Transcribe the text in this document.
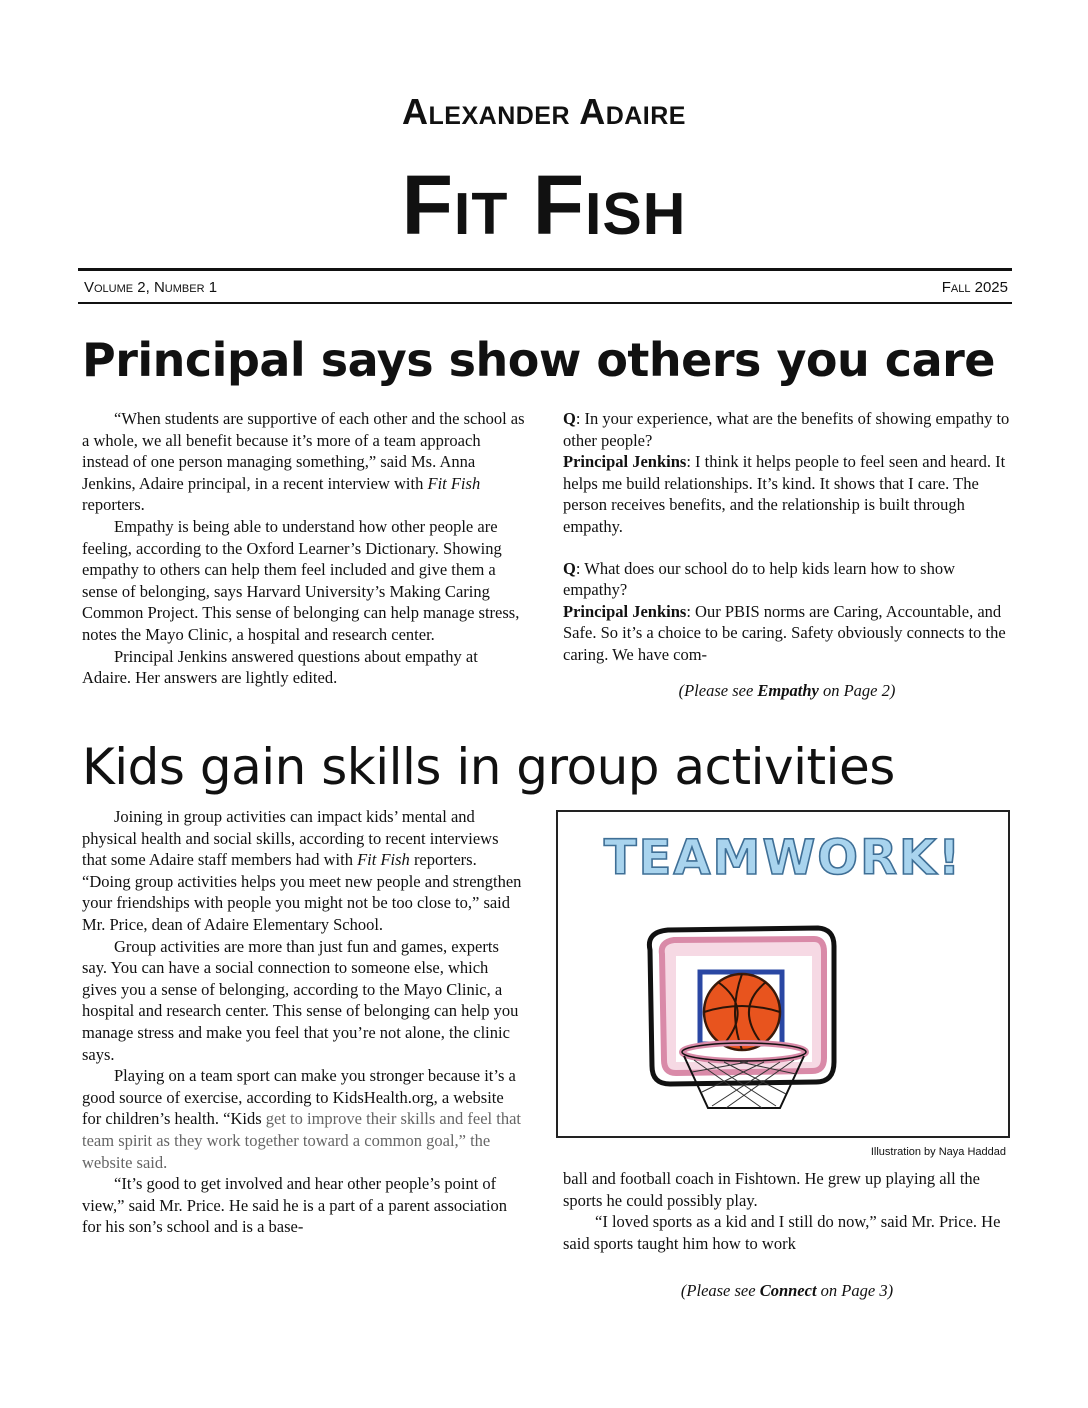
Alexander Adaire
Fit Fish
Volume 2, Number 1	Fall 2025
Principal says show others you care

“When students are supportive of each other and the school as a whole, we all benefit because it’s more of a team approach instead of one person managing something,” said Ms. Anna Jenkins, Adaire principal, in a recent interview with Fit Fish reporters.

Empathy is being able to understand how other people are feeling, according to the Oxford Learner’s Dictionary. Showing empathy to others can help them feel included and give them a sense of belonging, says Harvard University’s Making Caring Common Project. This sense of belonging can help manage stress, notes the Mayo Clinic, a hospital and research center.

Principal Jenkins answered questions about empathy at Adaire. Her answers are lightly edited.

Q: In your experience, what are the benefits of showing empathy to other people?

Principal Jenkins: I think it helps people to feel seen and heard. It helps me build relationships. It’s kind. It shows that I care. The person receives benefits, and the relationship is built through empathy.

Q: What does our school do to help kids learn how to show empathy?

Principal Jenkins: Our PBIS norms are Caring, Accountable, and Safe. So it’s a choice to be caring. Safety obviously connects to the caring. We have com-

(Please see Empathy on Page 2)
Kids gain skills in group activities

Joining in group activities can impact kids’ mental and physical health and social skills, according to recent interviews that some Adaire staff members had with Fit Fish reporters. “Doing group activities helps you meet new people and strengthen your friendships with people you might not be too close to,” said Mr. Price, dean of Adaire Elementary School.

Group activities are more than just fun and games, experts say. You can have a social connection to someone else, which gives you a sense of belonging, according to the Mayo Clinic, a hospital and research center. This sense of belonging can help you manage stress and make you feel that you’re not alone, the clinic says.

Playing on a team sport can make you stronger because it’s a good source of exercise, according to KidsHealth.org, a website for children’s health. “Kids get to improve their skills and feel that team spirit as they work together toward a common goal,” the website said.

“It’s good to get involved and hear other people’s point of view,” said Mr. Price. He said he is a part of a parent association for his son’s school and is a base-

TEAMWORK!
Illustration by Naya Haddad

ball and football coach in Fishtown. He grew up playing all the sports he could possibly play.

“I loved sports as a kid and I still do now,” said Mr. Price. He said sports taught him how to work

(Please see Connect on Page 3)
